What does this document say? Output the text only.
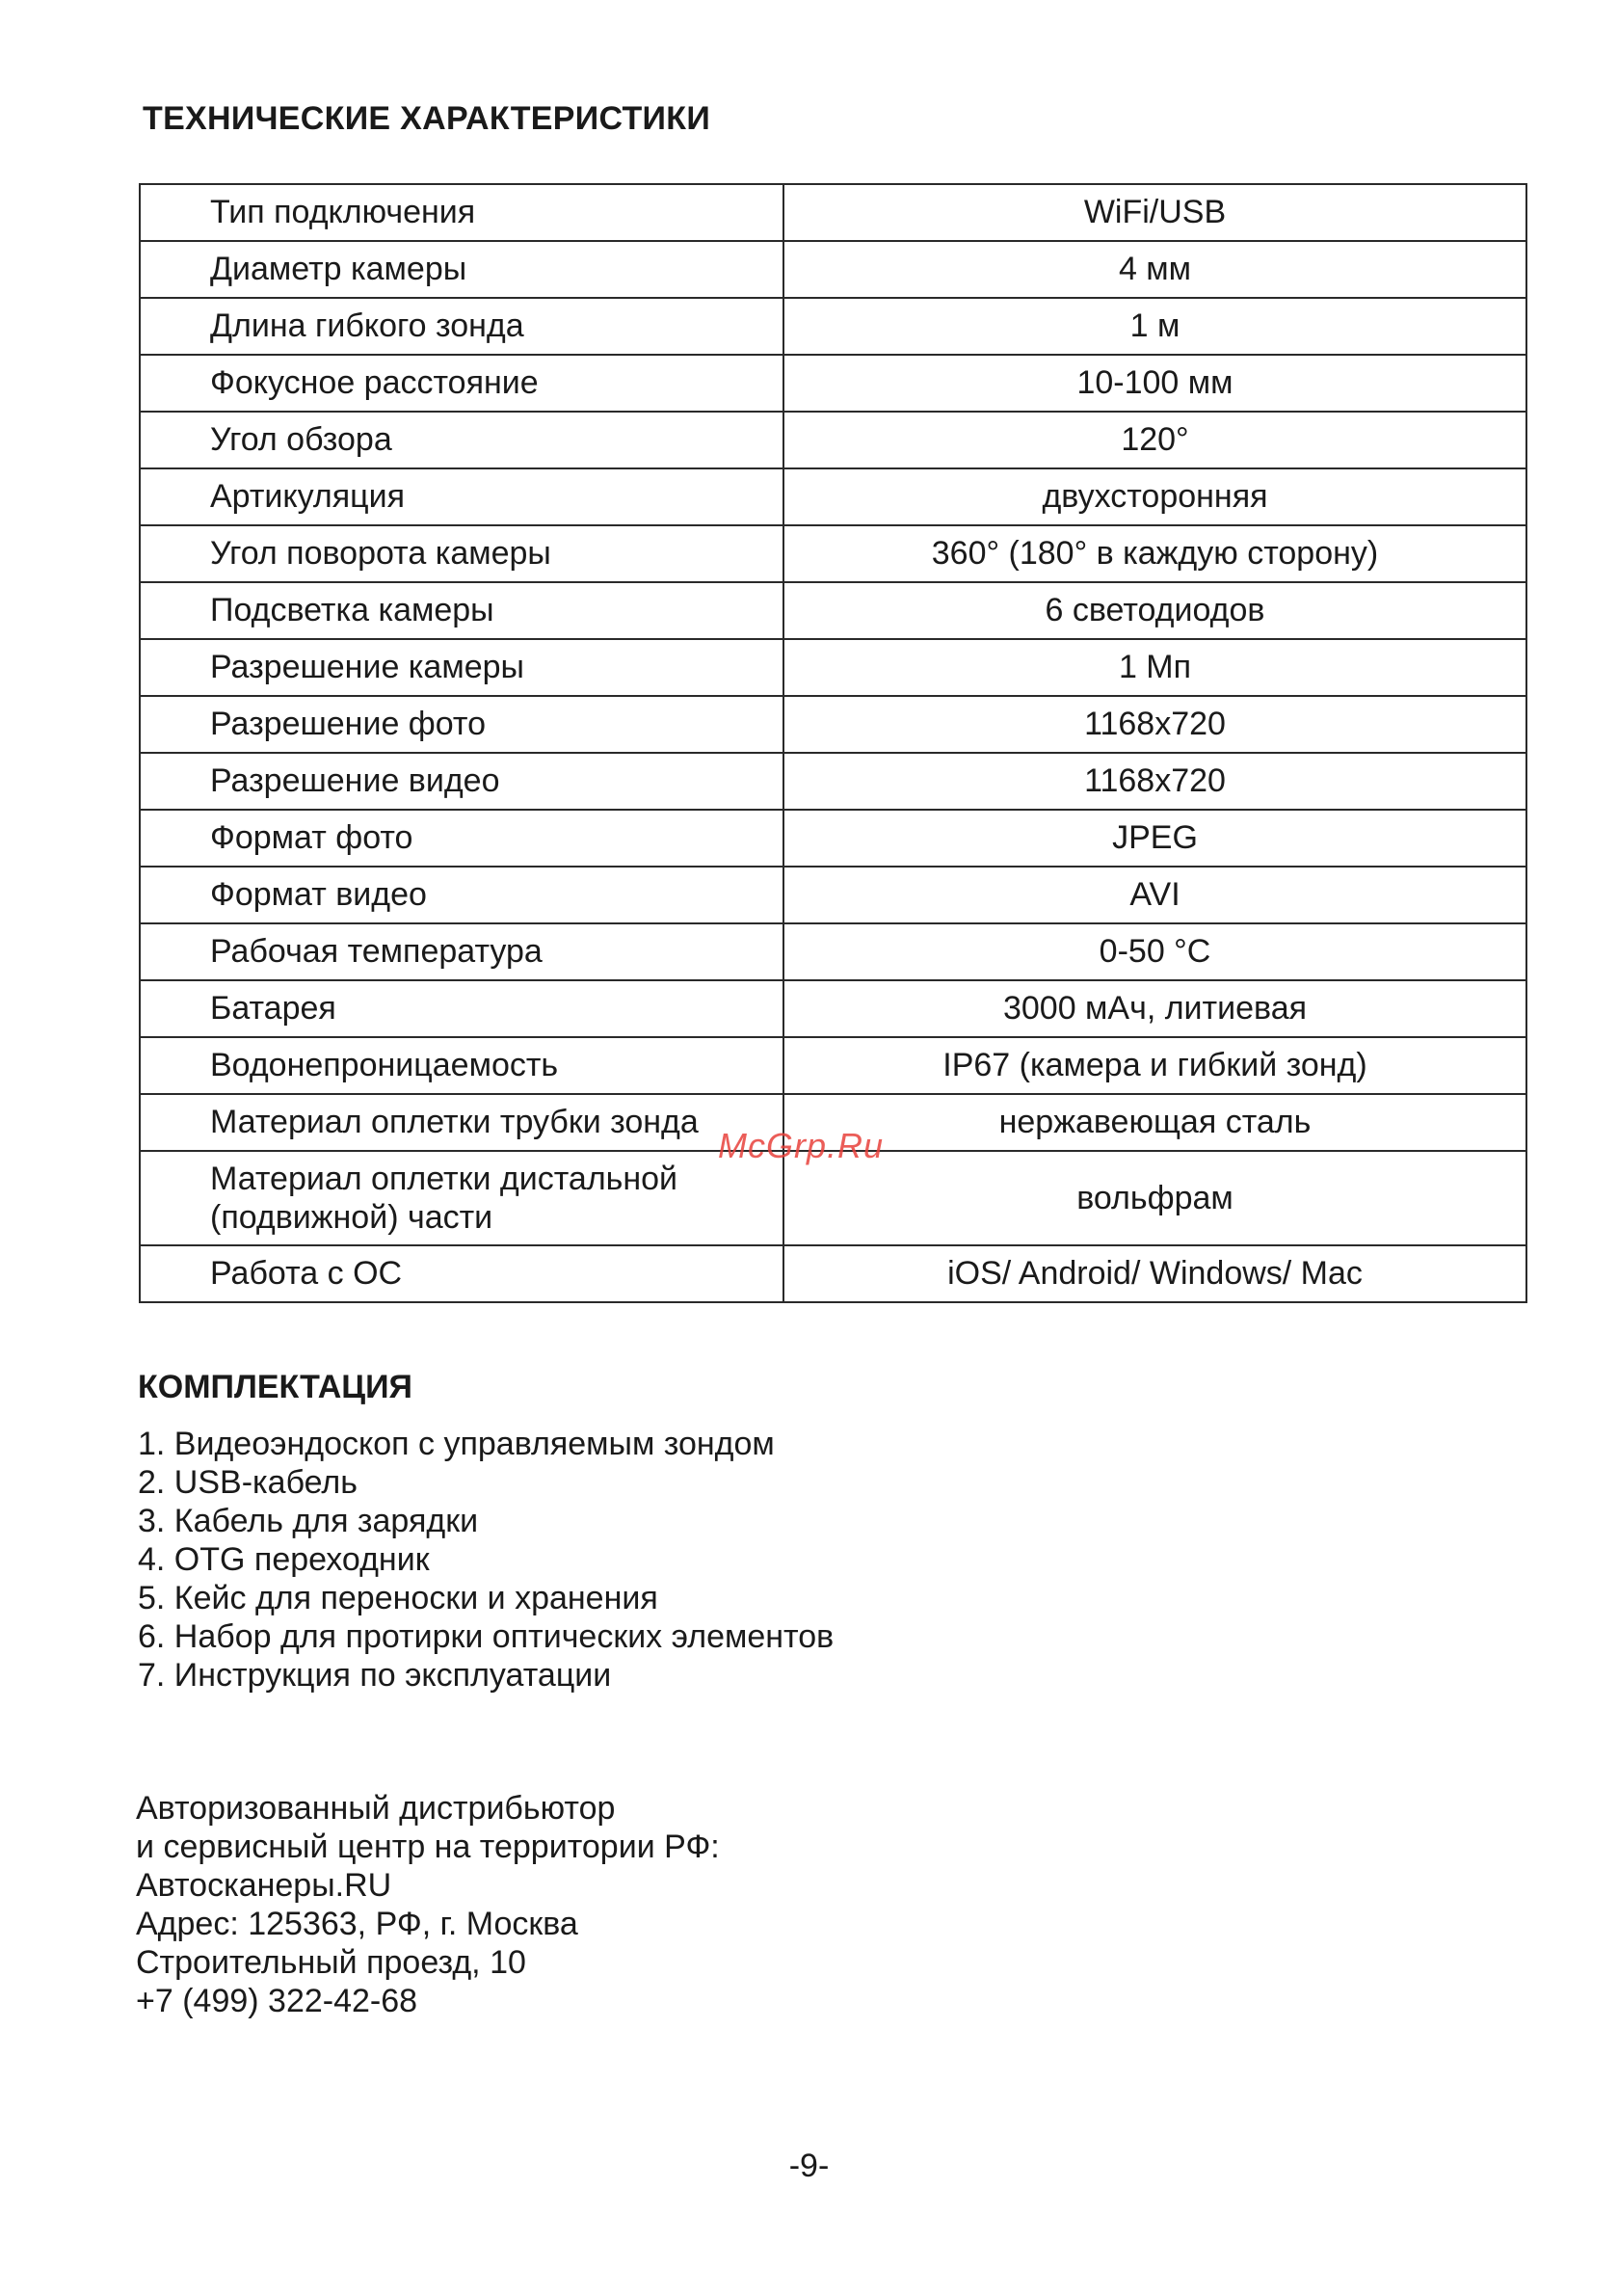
ТЕХНИЧЕСКИЕ ХАРАКТЕРИСТИКИ
Тип подключения	WiFi/USB
Диаметр камеры	4 мм
Длина гибкого зонда	1 м
Фокусное расстояние	10-100 мм
Угол обзора	120°
Артикуляция	двухсторонняя
Угол поворота камеры	360° (180° в каждую сторону)
Подсветка камеры	6 светодиодов
Разрешение камеры	1 Мп
Разрешение фото	1168x720
Разрешение видео	1168x720
Формат фото	JPEG
Формат видео	AVI
Рабочая температура	0-50 °C
Батарея	3000 мАч, литиевая
Водонепроницаемость	IP67 (камера и гибкий зонд)
Материал оплетки трубки зонда	нержавеющая сталь

Материал оплетки дистальной
(подвижной) части	вольфрам
Работа с ОС	iOS/ Android/ Windows/ Mac
McGrp.Ru
КОМПЛЕКТАЦИЯ
1. Видеоэндоскоп с управляемым зондом
2. USB-кабель
3. Кабель для зарядки
4. OTG переходник
5. Кейс для переноски и хранения
6. Набор для протирки оптических элементов
7. Инструкция по эксплуатации
Авторизованный дистрибьютор
и сервисный центр на территории РФ:
Автосканеры.RU
Адрес: 125363, РФ, г. Москва
Строительный проезд, 10
+7 (499) 322-42-68
-9-
